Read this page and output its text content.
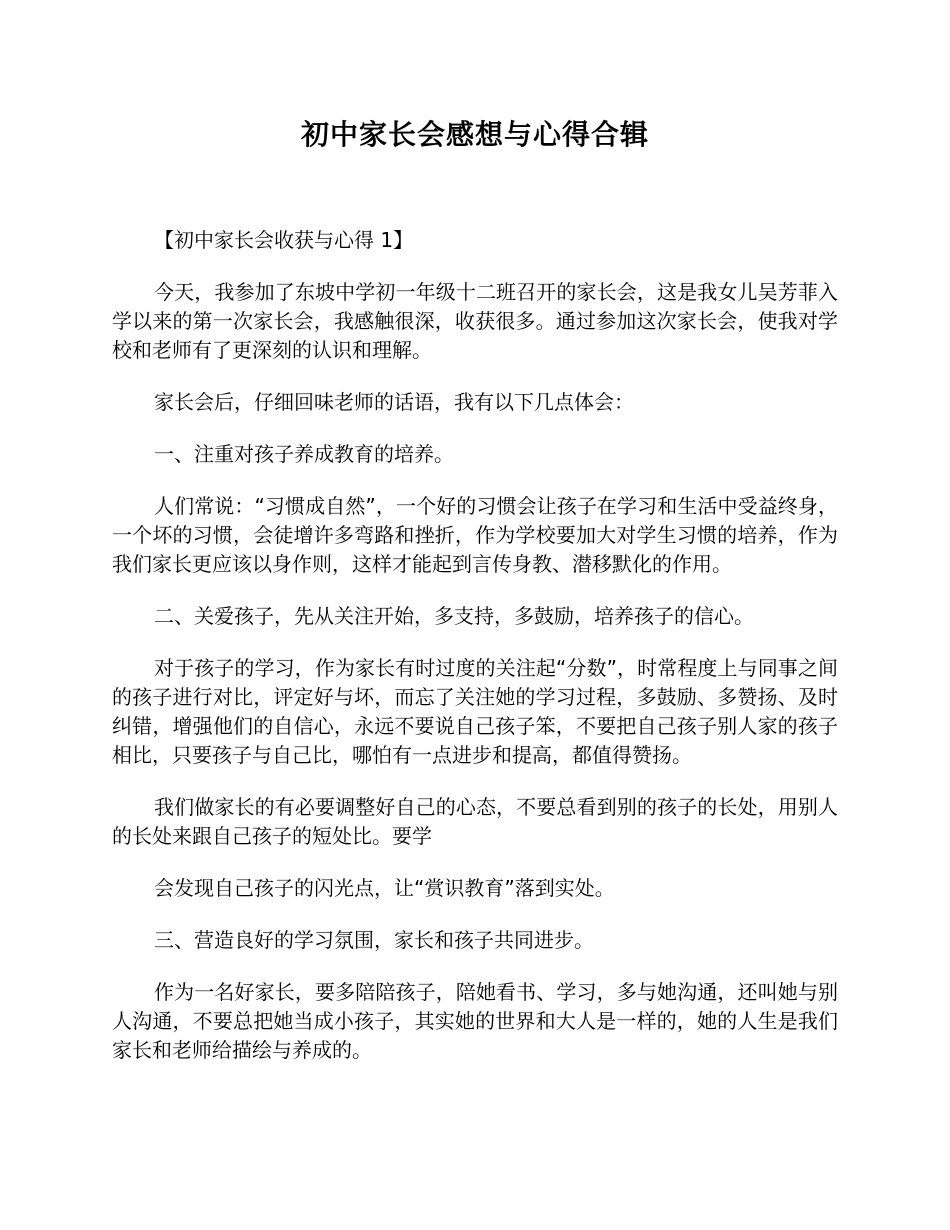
初中家长会感想与心得合辑

【初中家长会收获与心得 1】

今天，我参加了东坡中学初一年级十二班召开的家长会，这是我女儿吴芳菲入学以来的第一次家长会，我感触很深，收获很多。通过参加这次家长会，使我对学校和老师有了更深刻的认识和理解。

家长会后，仔细回味老师的话语，我有以下几点体会：

一、注重对孩子养成教育的培养。

人们常说：“习惯成自然”，一个好的习惯会让孩子在学习和生活中受益终身，一个坏的习惯，会徒增许多弯路和挫折，作为学校要加大对学生习惯的培养，作为我们家长更应该以身作则，这样才能起到言传身教、潜移默化的作用。

二、关爱孩子，先从关注开始，多支持，多鼓励，培养孩子的信心。

对于孩子的学习，作为家长有时过度的关注起“分数”，时常程度上与同事之间的孩子进行对比，评定好与坏，而忘了关注她的学习过程，多鼓励、多赞扬、及时纠错，增强他们的自信心，永远不要说自己孩子笨，不要把自己孩子别人家的孩子相比，只要孩子与自己比，哪怕有一点进步和提高，都值得赞扬。

我们做家长的有必要调整好自己的心态，不要总看到别的孩子的长处，用别人的长处来跟自己孩子的短处比。要学

会发现自己孩子的闪光点，让“赏识教育”落到实处。

三、营造良好的学习氛围，家长和孩子共同进步。

作为一名好家长，要多陪陪孩子，陪她看书、学习，多与她沟通，还叫她与别人沟通，不要总把她当成小孩子，其实她的世界和大人是一样的，她的人生是我们家长和老师给描绘与养成的。
